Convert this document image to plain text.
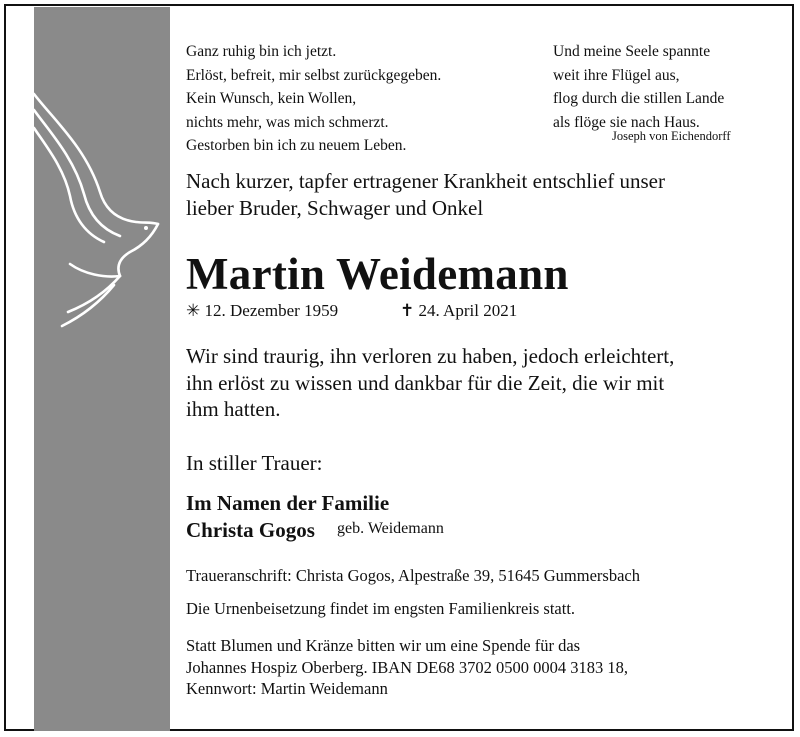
Ganz ruhig bin ich jetzt.
Erlöst, befreit, mir selbst zurückgegeben.
Kein Wunsch, kein Wollen,
nichts mehr, was mich schmerzt.
Gestorben bin ich zu neuem Leben.
Und meine Seele spannte
weit ihre Flügel aus,
flog durch die stillen Lande
als flöge sie nach Haus.
Joseph von Eichendorff
Nach kurzer, tapfer ertragener Krankheit entschlief unser
lieber Bruder, Schwager und Onkel
Martin Weidemann
✳ 12. Dezember 1959	✝ 24. April 2021
Wir sind traurig, ihn verloren zu haben, jedoch erleichtert,
ihn erlöst zu wissen und dankbar für die Zeit, die wir mit
ihm hatten.
In stiller Trauer:
Im Namen der Familie
Christa Gogos	geb. Weidemann
Traueranschrift: Christa Gogos, Alpestraße 39, 51645 Gummersbach
Die Urnenbeisetzung findet im engsten Familienkreis statt.
Statt Blumen und Kränze bitten wir um eine Spende für das
Johannes Hospiz Oberberg. IBAN DE68 3702 0500 0004 3183 18,
Kennwort: Martin Weidemann
